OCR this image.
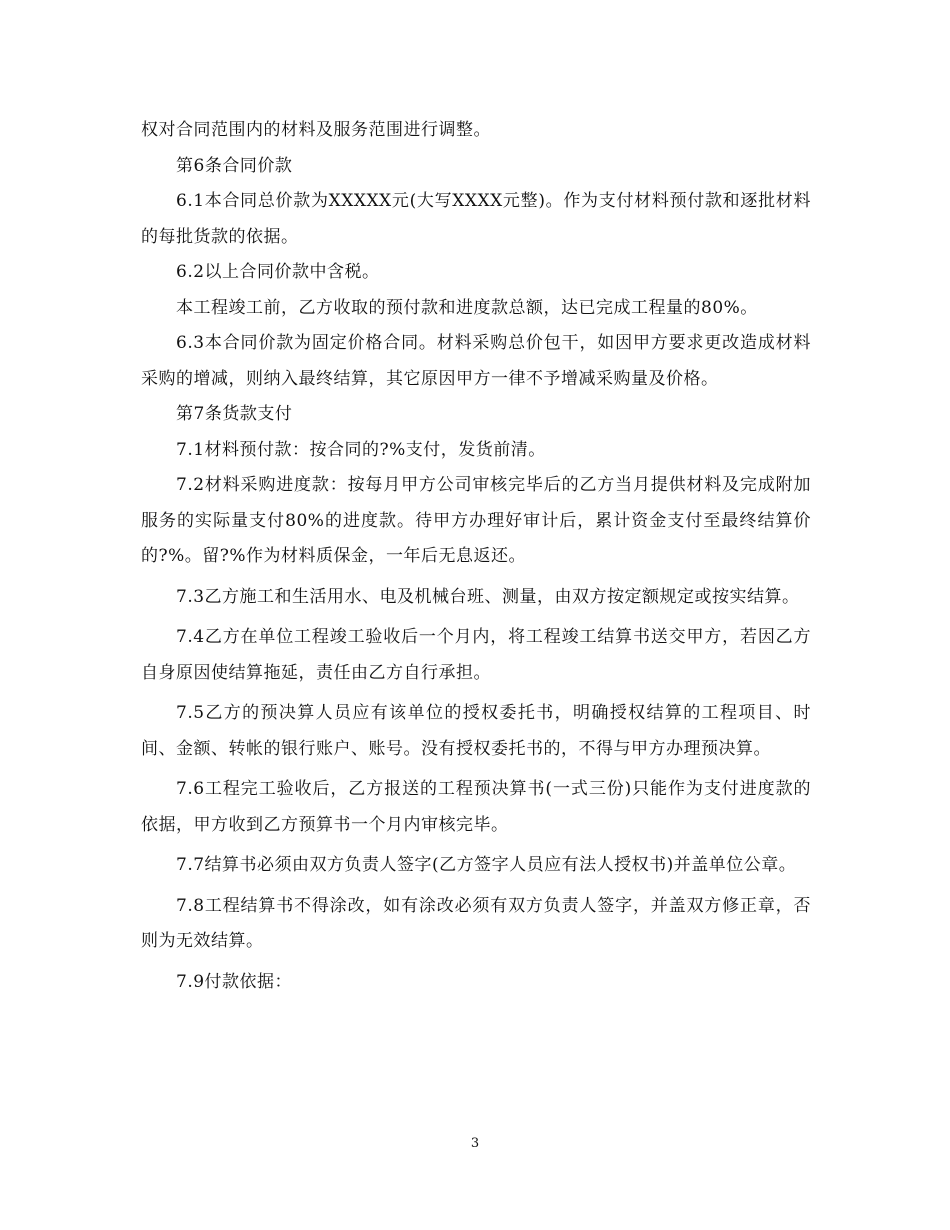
权对合同范围内的材料及服务范围进行调整。

第6条合同价款

6.1本合同总价款为XXXXX元(大写XXXX元整)。作为支付材料预付款和逐批材料的每批货款的依据。

6.2以上合同价款中含税。

本工程竣工前，乙方收取的预付款和进度款总额，达已完成工程量的80%。

6.3本合同价款为固定价格合同。材料采购总价包干，如因甲方要求更改造成材料采购的增减，则纳入最终结算，其它原因甲方一律不予增减采购量及价格。

第7条货款支付

7.1材料预付款：按合同的?%支付，发货前清。

7.2材料采购进度款：按每月甲方公司审核完毕后的乙方当月提供材料及完成附加服务的实际量支付80%的进度款。待甲方办理好审计后，累计资金支付至最终结算价的?%。留?%作为材料质保金，一年后无息返还。

7.3乙方施工和生活用水、电及机械台班、测量，由双方按定额规定或按实结算。

7.4乙方在单位工程竣工验收后一个月内，将工程竣工结算书送交甲方，若因乙方自身原因使结算拖延，责任由乙方自行承担。

7.5乙方的预决算人员应有该单位的授权委托书，明确授权结算的工程项目、时间、金额、转帐的银行账户、账号。没有授权委托书的，不得与甲方办理预决算。

7.6工程完工验收后，乙方报送的工程预决算书(一式三份)只能作为支付进度款的依据，甲方收到乙方预算书一个月内审核完毕。

7.7结算书必须由双方负责人签字(乙方签字人员应有法人授权书)并盖单位公章。

7.8工程结算书不得涂改，如有涂改必须有双方负责人签字，并盖双方修正章，否则为无效结算。

7.9付款依据：

3
